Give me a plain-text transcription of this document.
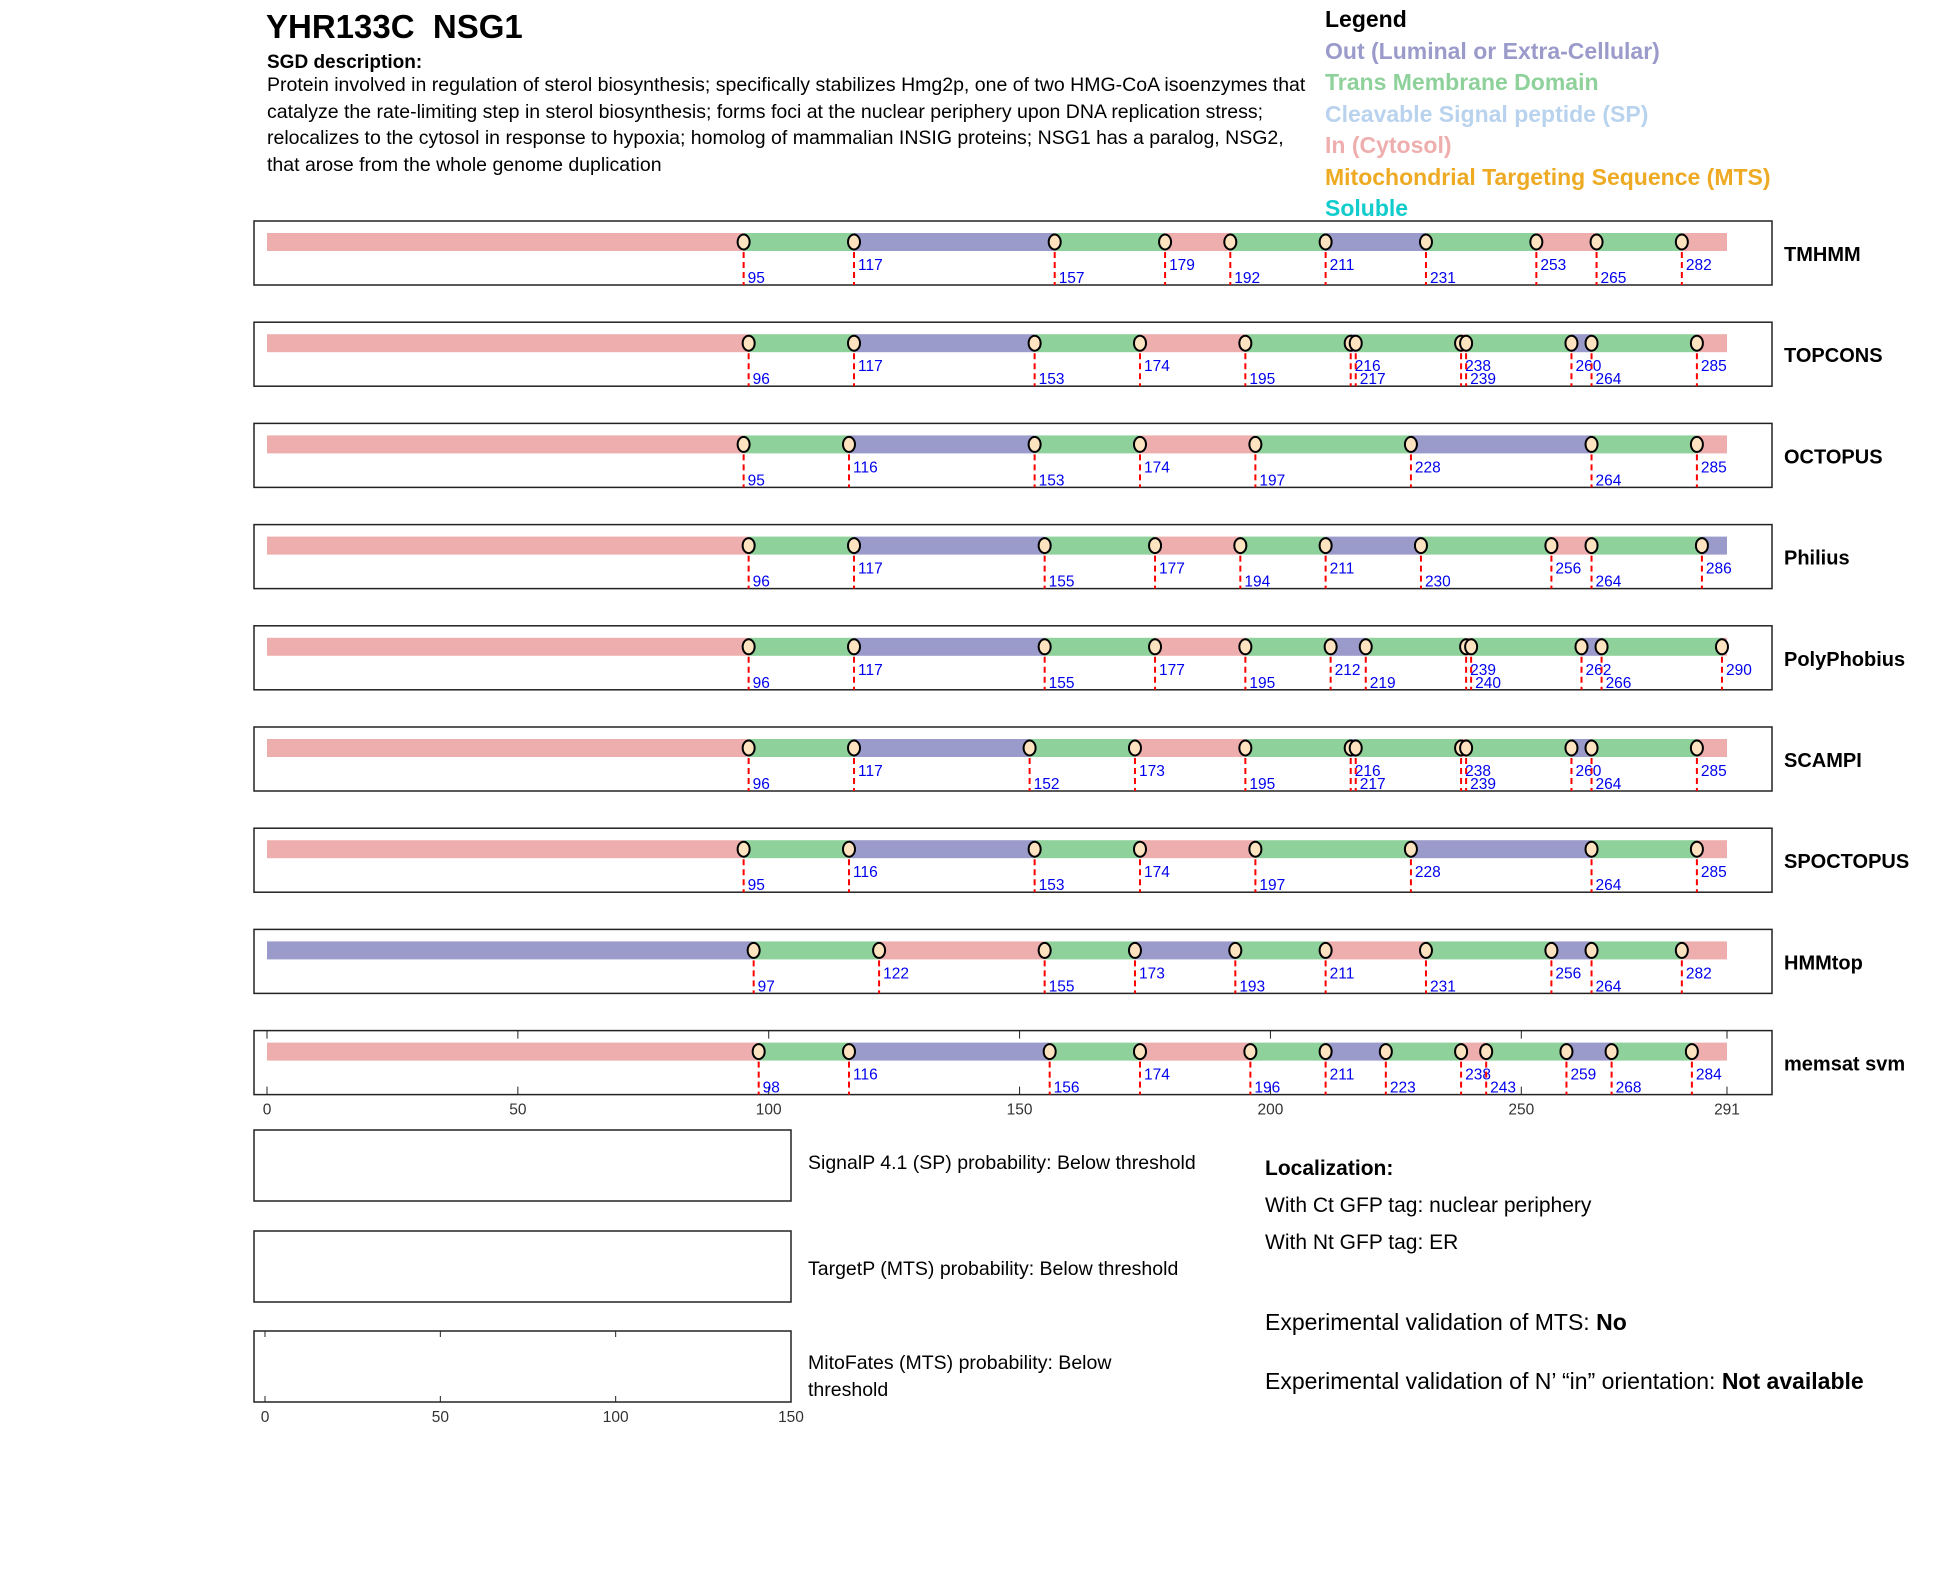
YHR133C  NSG1
SGD description:
Protein involved in regulation of sterol biosynthesis; specifically stabilizes Hmg2p, one of two HMG-CoA isoenzymes that catalyze the rate-limiting step in sterol biosynthesis; forms foci at the nuclear periphery upon DNA replication stress; relocalizes to the cytosol in response to hypoxia; homolog of mammalian INSIG proteins; NSG1 has a paralog, NSG2, that arose from the whole genome duplication
Legend
Out (Luminal or Extra-Cellular)
Trans Membrane Domain
Cleavable Signal peptide (SP)
In (Cytosol)
Mitochondrial Targeting Sequence (MTS)
Soluble
95
117
157
179
192
211
231
253
265
282	TMHMM
96
117
153
174
195
216
217
238
239
260
264
285	TOPCONS
95
116
153
174
197
228
264
285	OCTOPUS
96
117
155
177
194
211
230
256
264
286	Philius
96
117
155
177
195
212
219
239
240
262
266
290 PolyPhobius
96
117
152
173
195
216
217
238
239
260
264
285	SCAMPI
95
116
153
174
197
228
264
285	SPOCTOPUS
97
122
155
173
193
211
231
256
264
282	HMMtop
0	50	100	150	200	250	291
98
116
156
174
196
211
223
238
243
259
268
284	memsat svm
0	50	100	150
SignalP 4.1 (SP) probability: Below threshold
TargetP (MTS) probability: Below threshold
MitoFates (MTS) probability: Below threshold
Localization:
With Ct GFP tag: nuclear periphery
With Nt GFP tag: ER
Experimental validation of MTS: No
Experimental validation of N’ “in” orientation: Not available
